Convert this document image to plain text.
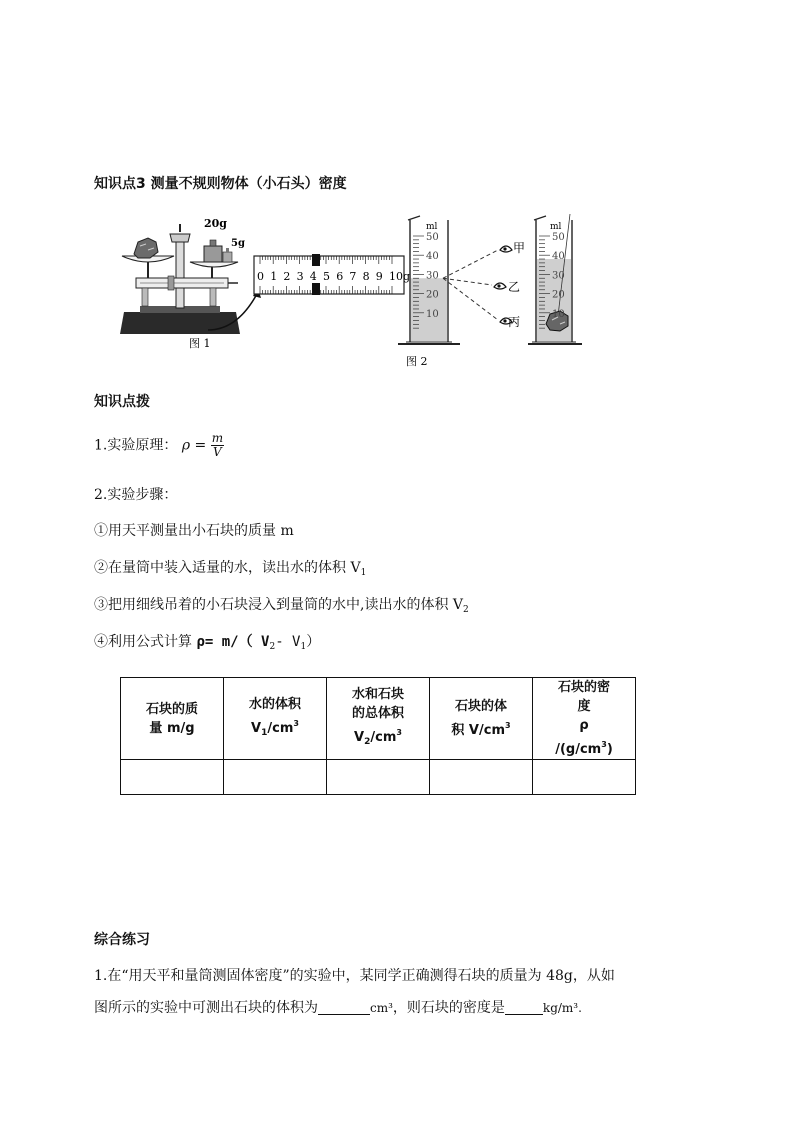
知识点3 测量不规则物体（小石头）密度
20g
5g
图 1
0 1 2 3 4 5 6 7 8 9 10g
ml
50
40
30
20
10
图 2
甲
乙
丙
ml
50
40
30
20
10
知识点拨
1.实验原理： $\rho = \frac{m}{V}$
2.实验步骤：
①用天平测量出小石块的质量 m
②在量筒中装入适量的水，读出水的体积 $V_1$
③把用细线吊着的小石块浸入到量筒的水中,读出水的体积 $V_2$
④利用公式计算 ρ= m/（ $V_2-$ $V_1$）
石块的质
量 m/g	水的体积
$V_1/cm^3$	水和石块
的总体积
$V_2/cm^3$	石块的体
积 $V/cm^3$	石块的密
度
ρ
$/(g/cm^3)$

综合练习
1.在“用天平和量筒测固体密度”的实验中，某同学正确测得石块的质量为 48g，从如
图所示的实验中可测出石块的体积为	cm³，则石块的密度是	kg/m³.
